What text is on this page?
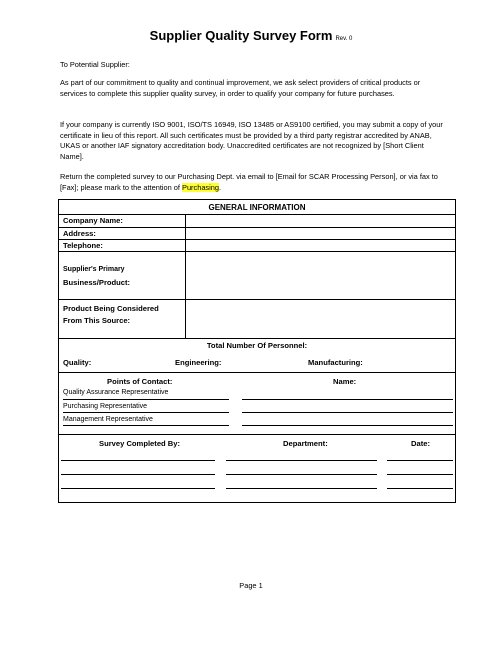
Supplier Quality Survey Form Rev. 0
To Potential Supplier:
As part of our commitment to quality and continual improvement, we ask select providers of critical products or services to complete this supplier quality survey, in order to qualify your company for future purchases.
If your company is currently ISO 9001, ISO/TS 16949, ISO 13485 or AS9100 certified, you may submit a copy of your certificate in lieu of this report. All such certificates must be provided by a third party registrar accredited by ANAB, UKAS or another IAF signatory accreditation body. Unaccredited certificates are not recognized by [Short Client Name].
Return the completed survey to our Purchasing Dept. via email to [Email for SCAR Processing Person], or via fax to [Fax]; please mark to the attention of Purchasing.
GENERAL INFORMATION
Company Name:
Address:
Telephone:
Supplier's Primary
Business/Product:
Product Being Considered
From This Source:
Total Number Of Personnel:
Quality:	Engineering:	Manufacturing:
Points of Contact:	Name:
Quality Assurance Representative
Purchasing Representative
Management Representative
Survey Completed By:	Department:	Date:
Page 1
